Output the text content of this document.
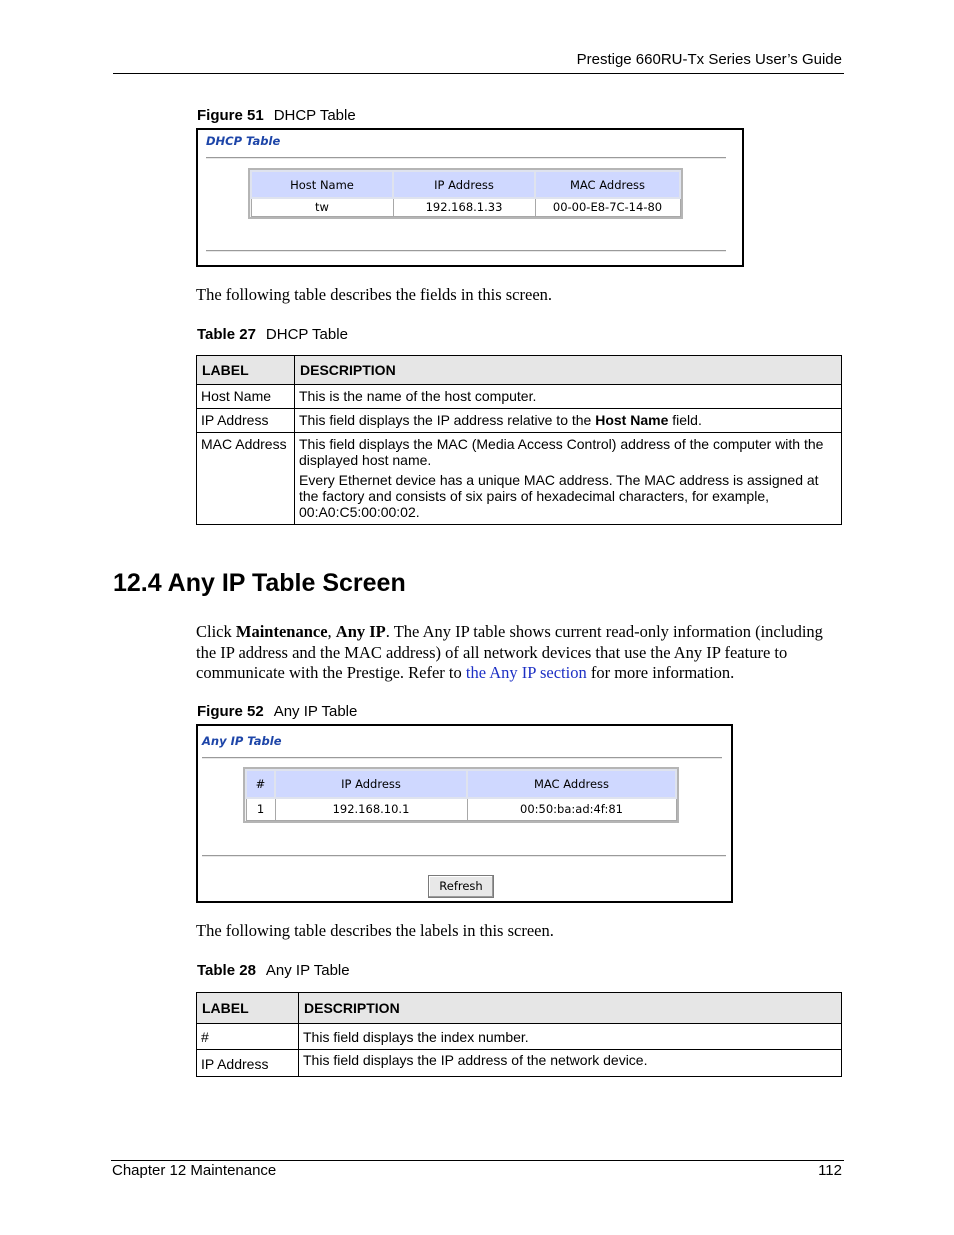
Prestige 660RU-Tx Series User’s Guide
Figure 51 DHCP Table
DHCP Table
Host Name	IP Address	MAC Address
tw	192.168.1.33	00-00-E8-7C-14-80
The following table describes the fields in this screen.
Table 27 DHCP Table
LABEL	DESCRIPTION
Host Name	This is the name of the host computer.

IP Address	This field displays the IP address relative to the Host Name field.

MAC Address	This field displays the MAC (Media Access Control) address of the computer with the displayed host name.

Every Ethernet device has a unique MAC address. The MAC address is assigned at the factory and consists of six pairs of hexadecimal characters, for example, 00:A0:C5:00:00:02.

12.4 Any IP Table Screen
Click Maintenance, Any IP. The Any IP table shows current read-only information (including the IP address and the MAC address) of all network devices that use the Any IP feature to communicate with the Prestige. Refer to the Any IP section for more information.
Figure 52 Any IP Table
Any IP Table
#	IP Address	MAC Address
1	192.168.10.1	00:50:ba:ad:4f:81
Refresh
The following table describes the labels in this screen.
Table 28 Any IP Table
LABEL	DESCRIPTION
#	This field displays the index number.
IP Address	This field displays the IP address of the network device.
Chapter 12 Maintenance	112
